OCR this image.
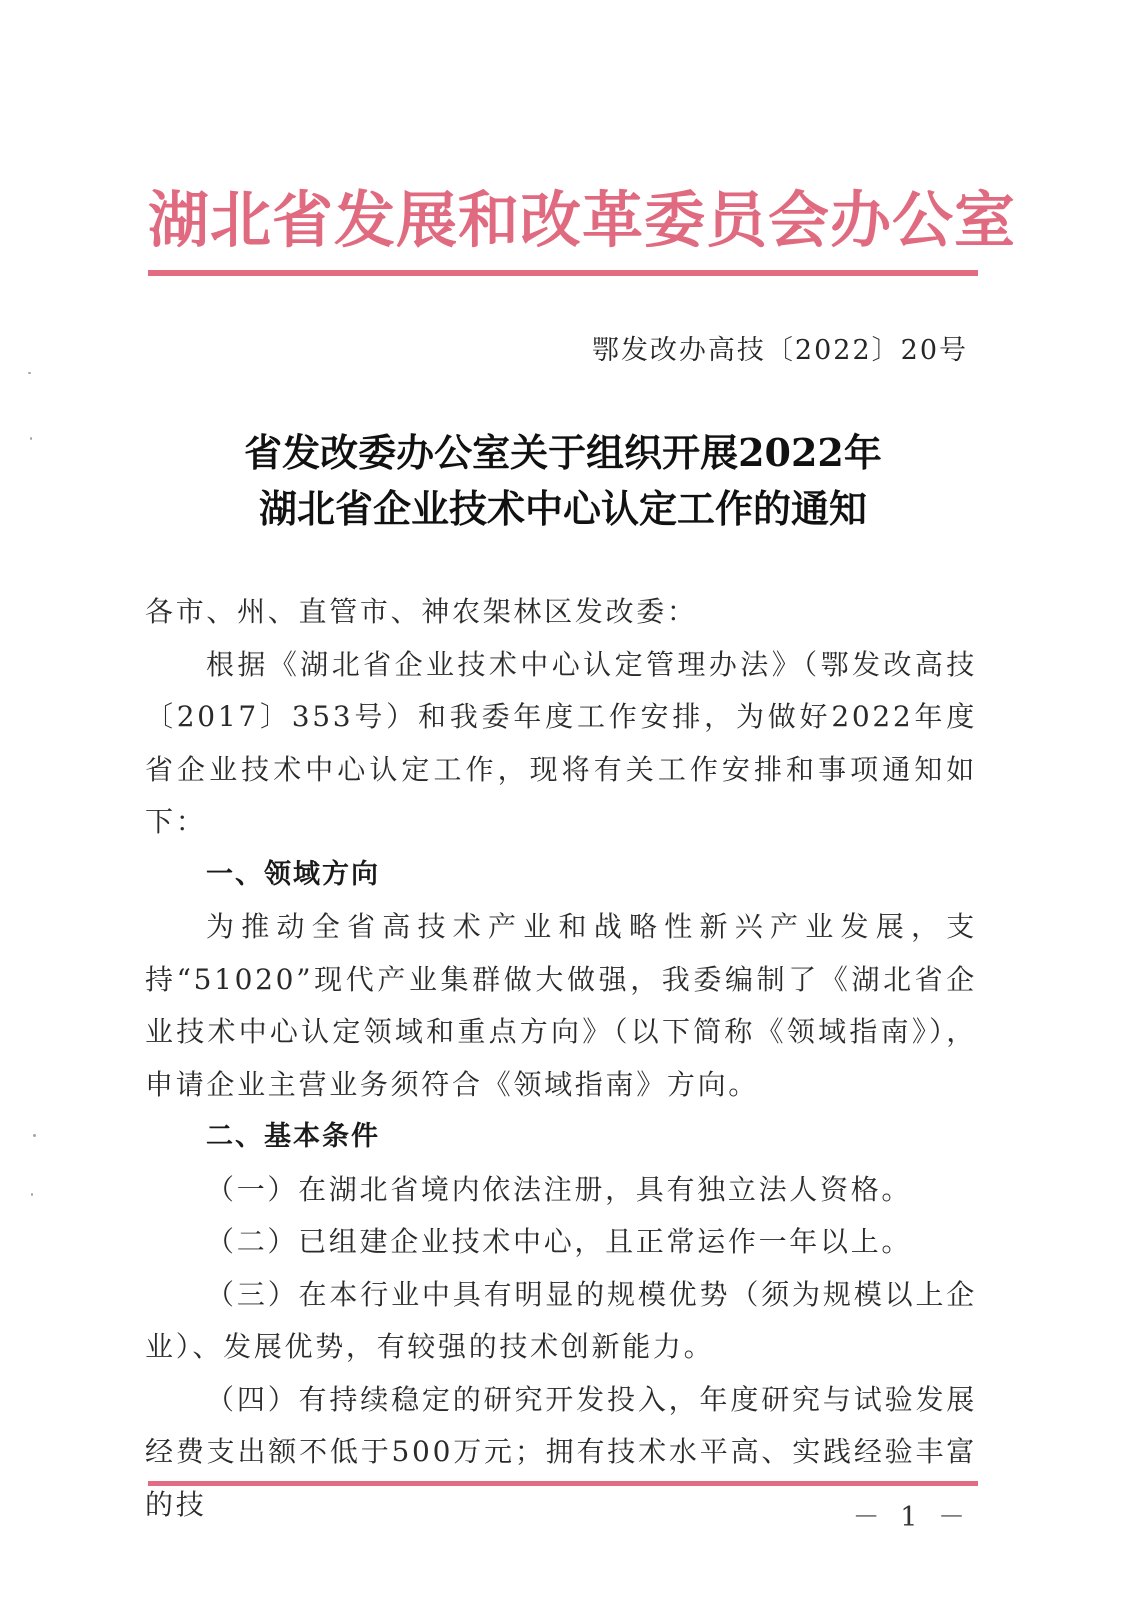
湖北省发展和改革委员会办公室
鄂发改办高技〔2022〕20号
省发改委办公室关于组织开展2022年
湖北省企业技术中心认定工作的通知

各市、州、直管市、神农架林区发改委：

根据《湖北省企业技术中心认定管理办法》（鄂发改高技〔2017〕353号）和我委年度工作安排，为做好2022年度省企业技术中心认定工作，现将有关工作安排和事项通知如下：

一、领域方向

为推动全省高技术产业和战略性新兴产业发展，支持“51020”现代产业集群做大做强，我委编制了《湖北省企业技术中心认定领域和重点方向》（以下简称《领域指南》），申请企业主营业务须符合《领域指南》方向。

二、基本条件

（一）在湖北省境内依法注册，具有独立法人资格。

（二）已组建企业技术中心，且正常运作一年以上。

（三）在本行业中具有明显的规模优势（须为规模以上企业）、发展优势，有较强的技术创新能力。

（四）有持续稳定的研究开发投入，年度研究与试验发展经费支出额不低于500万元；拥有技术水平高、实践经验丰富的技	－ 1 －
